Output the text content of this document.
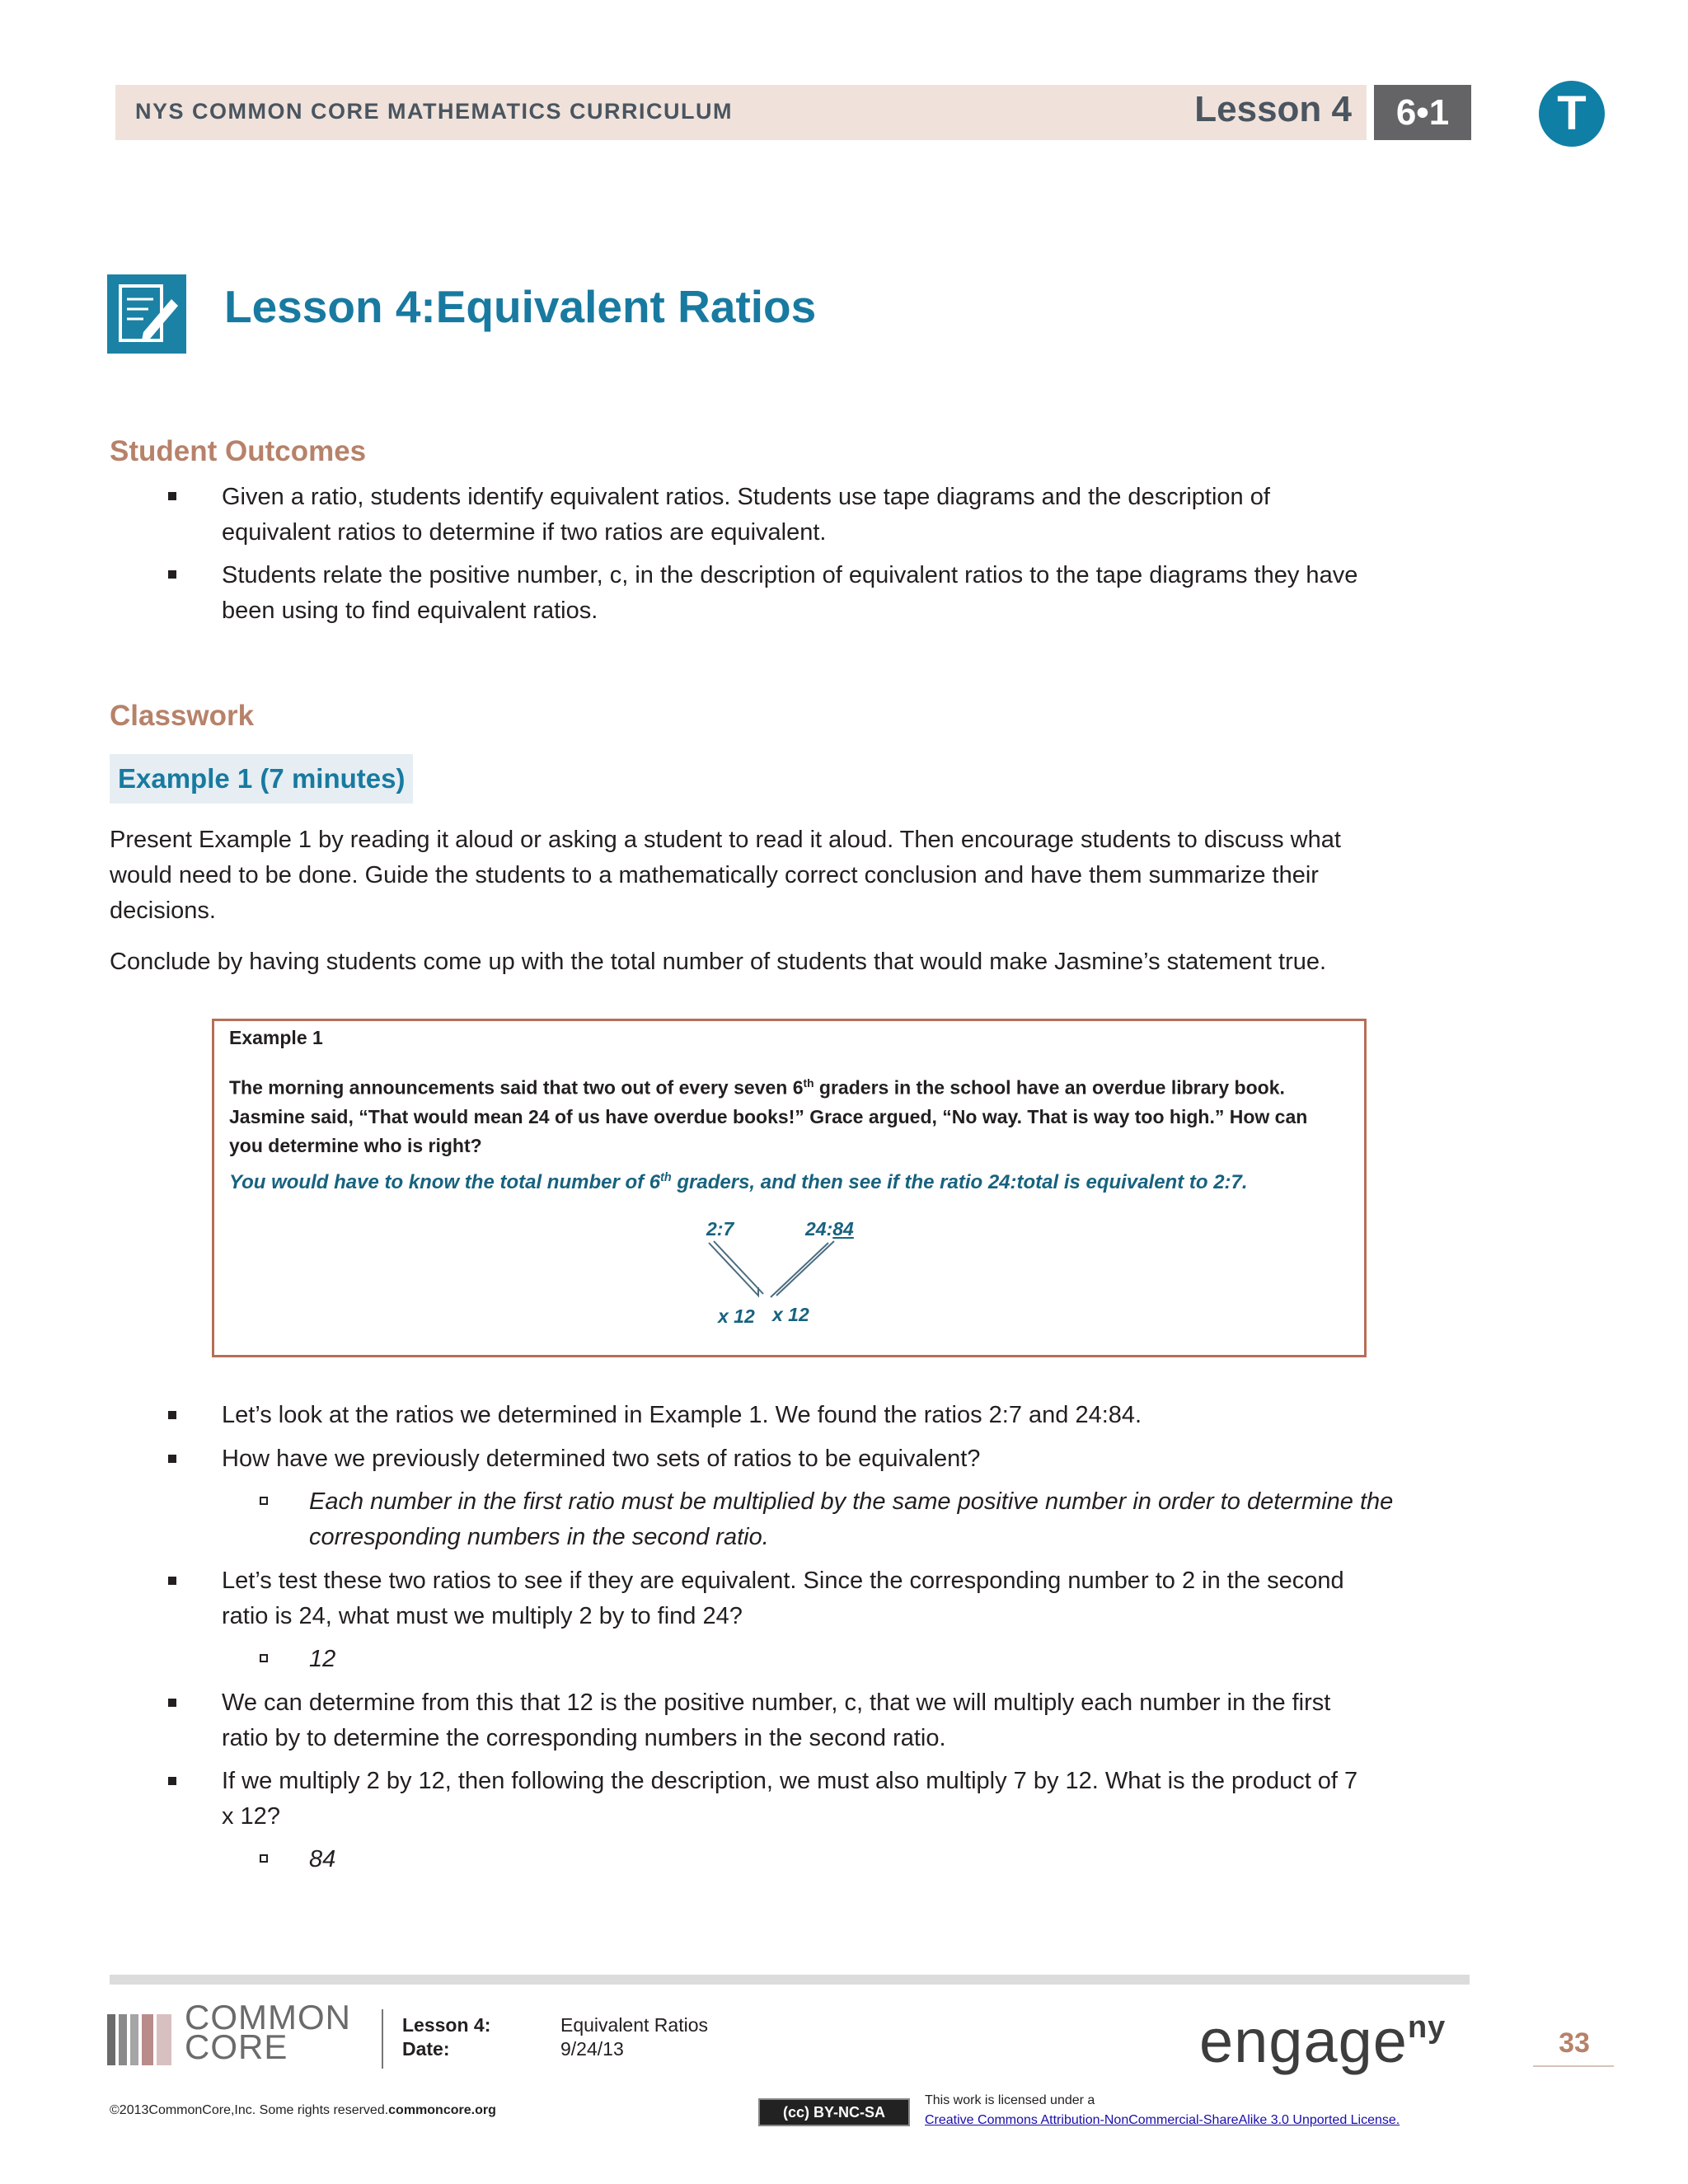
NYS COMMON CORE MATHEMATICS CURRICULUM	Lesson 4	6•1	T
Lesson 4:Equivalent Ratios
Student Outcomes
Given a ratio, students identify equivalent ratios. Students use tape diagrams and the description of
equivalent ratios to determine if two ratios are equivalent.
Students relate the positive number, c, in the description of equivalent ratios to the tape diagrams they have
been using to find equivalent ratios.
Classwork
Example 1 (7 minutes)
Present Example 1 by reading it aloud or asking a student to read it aloud. Then encourage students to discuss what
would need to be done. Guide the students to a mathematically correct conclusion and have them summarize their
decisions.
Conclude by having students come up with the total number of students that would make Jasmine’s statement true.
Example 1
The morning announcements said that two out of every seven 6th graders in the school have an overdue library book.
Jasmine said, “That would mean 24 of us have overdue books!” Grace argued, “No way. That is way too high.” How can
you determine who is right?
You would have to know the total number of 6th graders, and then see if the ratio 24:total is equivalent to 2:7.
2:7	24:84
x 12 x 12
Let’s look at the ratios we determined in Example 1. We found the ratios 2:7 and 24:84.
How have we previously determined two sets of ratios to be equivalent?
Each number in the first ratio must be multiplied by the same positive number in order to determine the
corresponding numbers in the second ratio.
Let’s test these two ratios to see if they are equivalent. Since the corresponding number to 2 in the second
ratio is 24, what must we multiply 2 by to find 24?
12
We can determine from this that 12 is the positive number, c, that we will multiply each number in the first
ratio by to determine the corresponding numbers in the second ratio.
If we multiply 2 by 12, then following the description, we must also multiply 7 by 12. What is the product of 7
x 12?
84
COMMON
CORE
Lesson 4:	Equivalent Ratios
Date:	9/24/13	engage$^{ny}$	33
©2013CommonCore,Inc. Some rights reserved.commoncore.org	(cc) BY-NC-SA
This work is licensed under a
Creative Commons Attribution-NonCommercial-ShareAlike 3.0 Unported License.
